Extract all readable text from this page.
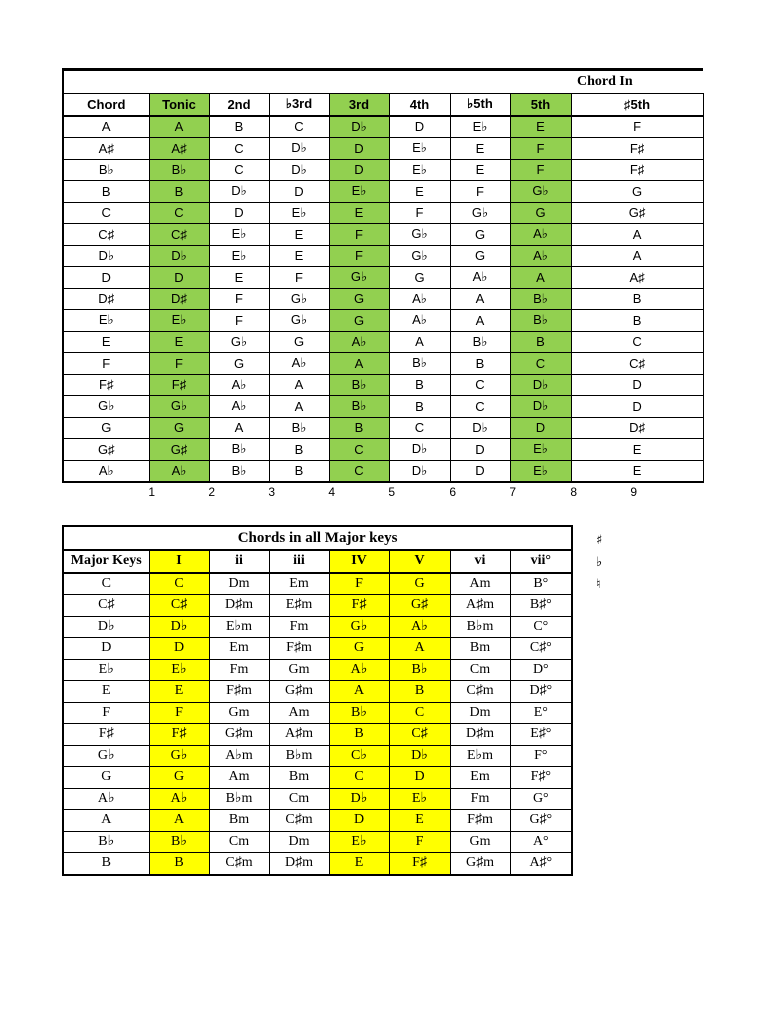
Chord In								
Chord	Tonic	2nd	♭3rd	3rd	4th	♭5th	5th	♯5th
A	A	B	C	D♭	D	E♭	E	F
A♯	A♯	C	D♭	D	E♭	E	F	F♯
B♭	B♭	C	D♭	D	E♭	E	F	F♯
B	B	D♭	D	E♭	E	F	G♭	G
C	C	D	E♭	E	F	G♭	G	G♯
C♯	C♯	E♭	E	F	G♭	G	A♭	A
D♭	D♭	E♭	E	F	G♭	G	A♭	A
D	D	E	F	G♭	G	A♭	A	A♯
D♯	D♯	F	G♭	G	A♭	A	B♭	B
E♭	E♭	F	G♭	G	A♭	A	B♭	B
E	E	G♭	G	A♭	A	B♭	B	C
F	F	G	A♭	A	B♭	B	C	C♯
F♯	F♯	A♭	A	B♭	B	C	D♭	D
G♭	G♭	A♭	A	B♭	B	C	D♭	D
G	G	A	B♭	B	C	D♭	D	D♯
G♯	G♯	B♭	B	C	D♭	D	E♭	E
A♭	A♭	B♭	B	C	D♭	D	E♭	E
1	2	3	4	5	6	7	8	9
Chords in all Major keys							
Major Keys	I	ii	iii	IV	V	vi	vii°
C	C	Dm	Em	F	G	Am	B°
C♯	C♯	D♯m	E♯m	F♯	G♯	A♯m	B♯°
D♭	D♭	E♭m	Fm	G♭	A♭	B♭m	C°
D	D	Em	F♯m	G	A	Bm	C♯°
E♭	E♭	Fm	Gm	A♭	B♭	Cm	D°
E	E	F♯m	G♯m	A	B	C♯m	D♯°
F	F	Gm	Am	B♭	C	Dm	E°
F♯	F♯	G♯m	A♯m	B	C♯	D♯m	E♯°
G♭	G♭	A♭m	B♭m	C♭	D♭	E♭m	F°
G	G	Am	Bm	C	D	Em	F♯°
A♭	A♭	B♭m	Cm	D♭	E♭	Fm	G°
A	A	Bm	C♯m	D	E	F♯m	G♯°
B♭	B♭	Cm	Dm	E♭	F	Gm	A°
B	B	C♯m	D♯m	E	F♯	G♯m	A♯°
♯
♭
♮
